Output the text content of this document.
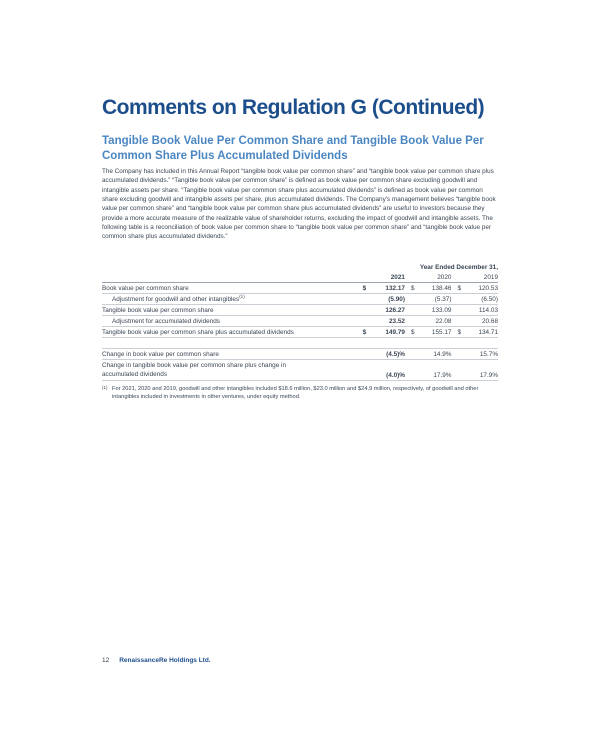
Comments on Regulation G (Continued)
Tangible Book Value Per Common Share and Tangible Book Value Per Common Share Plus Accumulated Dividends

The Company has included in this Annual Report “tangible book value per common share” and “tangible book value per common share plus accumulated dividends.” “Tangible book value per common share” is defined as book value per common share excluding goodwill and intangible assets per share. “Tangible book value per common share plus accumulated dividends” is defined as book value per common share excluding goodwill and intangible assets per share, plus accumulated dividends. The Company’s management believes “tangible book value per common share” and “tangible book value per common share plus accumulated dividends” are useful to investors because they provide a more accurate measure of the realizable value of shareholder returns, excluding the impact of goodwill and intangible assets. The following table is a reconciliation of book value per common share to “tangible book value per common share” and “tangible book value per common share plus accumulated dividends.”

	Year Ended December 31,		
	2021	2020	2019
Book value per common share	$ 132.17	$ 138.46	$ 120.53

Adjustment for goodwill and other intangibles$^{(1)}$	(5.90)	(5.37)	(6.50)
Tangible book value per common share	126.27	133.09	114.03
Adjustment for accumulated dividends	23.52	22.08	20.68
Tangible book value per common share plus accumulated dividends	$ 149.79	$ 155.17	$ 134.71

Change in book value per common share	(4.5)%	14.9%	15.7%

Change in tangible book value per common share plus change in
accumulated dividends	(4.0)%	17.9%	17.9%
(1) For 2021, 2020 and 2019, goodwill and other intangibles included $18.6 million, $23.0 million and $24.9 million, respectively, of goodwill and other intangibles included in investments in other ventures, under equity method.
12 RenaissanceRe Holdings Ltd.
